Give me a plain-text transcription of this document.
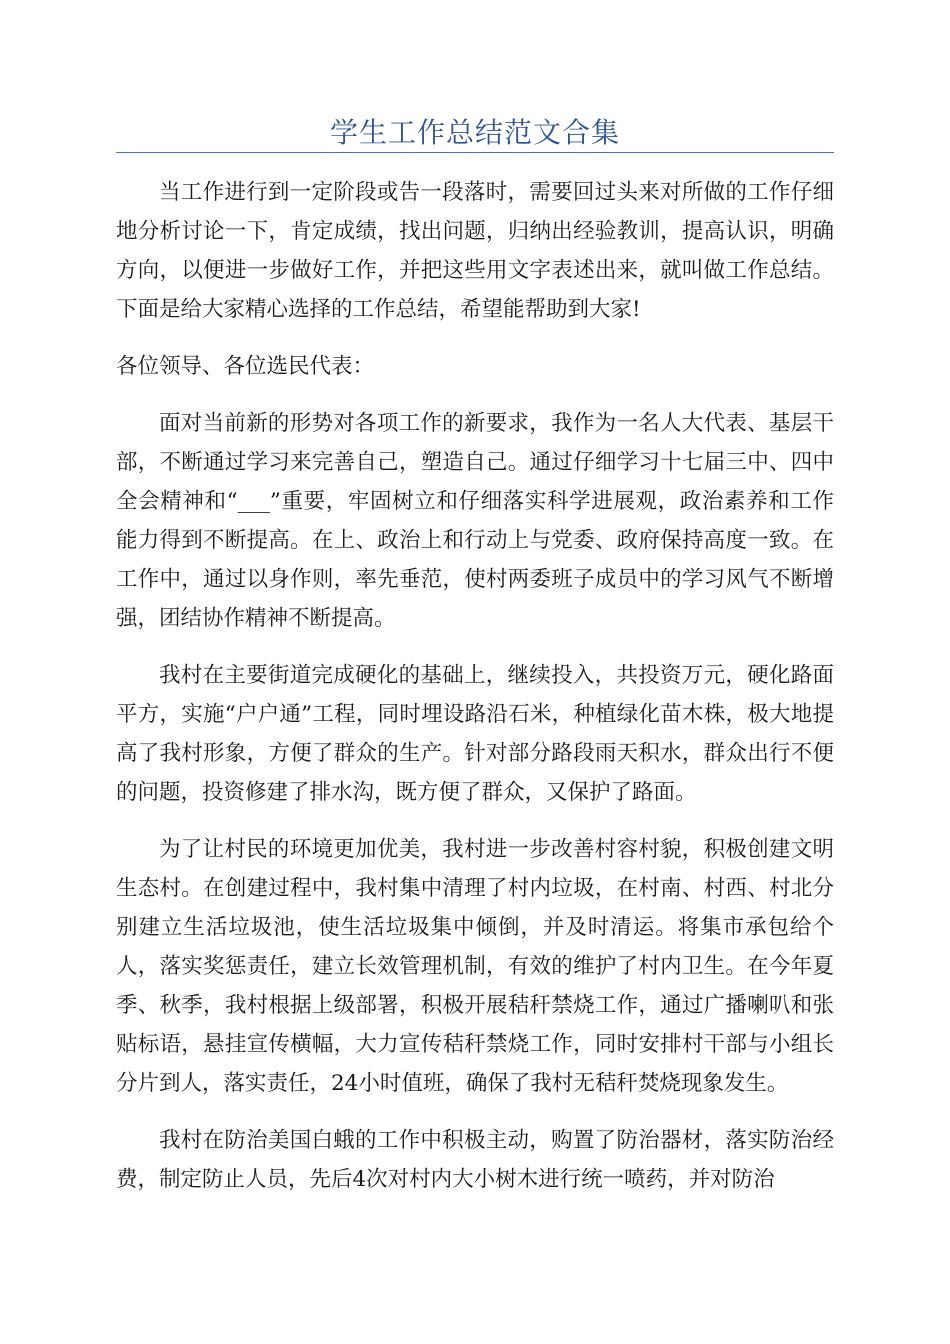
学生工作总结范文合集

当工作进行到一定阶段或告一段落时，需要回过头来对所做的工作仔细地分析讨论一下，肯定成绩，找出问题，归纳出经验教训，提高认识，明确方向，以便进一步做好工作，并把这些用文字表述出来，就叫做工作总结。下面是给大家精心选择的工作总结，希望能帮助到大家!

各位领导、各位选民代表：

面对当前新的形势对各项工作的新要求，我作为一名人大代表、基层干部，不断通过学习来完善自己，塑造自己。通过仔细学习十七届三中、四中全会精神和“___”重要，牢固树立和仔细落实科学进展观，政治素养和工作能力得到不断提高。在上、政治上和行动上与党委、政府保持高度一致。在工作中，通过以身作则，率先垂范，使村两委班子成员中的学习风气不断增强，团结协作精神不断提高。

我村在主要街道完成硬化的基础上，继续投入，共投资万元，硬化路面平方，实施“户户通”工程，同时埋设路沿石米，种植绿化苗木株，极大地提高了我村形象，方便了群众的生产。针对部分路段雨天积水，群众出行不便的问题，投资修建了排水沟，既方便了群众，又保护了路面。

为了让村民的环境更加优美，我村进一步改善村容村貌，积极创建文明生态村。在创建过程中，我村集中清理了村内垃圾，在村南、村西、村北分别建立生活垃圾池，使生活垃圾集中倾倒，并及时清运。将集市承包给个人，落实奖惩责任，建立长效管理机制，有效的维护了村内卫生。在今年夏季、秋季，我村根据上级部署，积极开展秸秆禁烧工作，通过广播喇叭和张贴标语，悬挂宣传横幅，大力宣传秸秆禁烧工作，同时安排村干部与小组长分片到人，落实责任，24小时值班，确保了我村无秸秆焚烧现象发生。

我村在防治美国白蛾的工作中积极主动，购置了防治器材，落实防治经费，制定防止人员，先后4次对村内大小树木进行统一喷药，并对防治
